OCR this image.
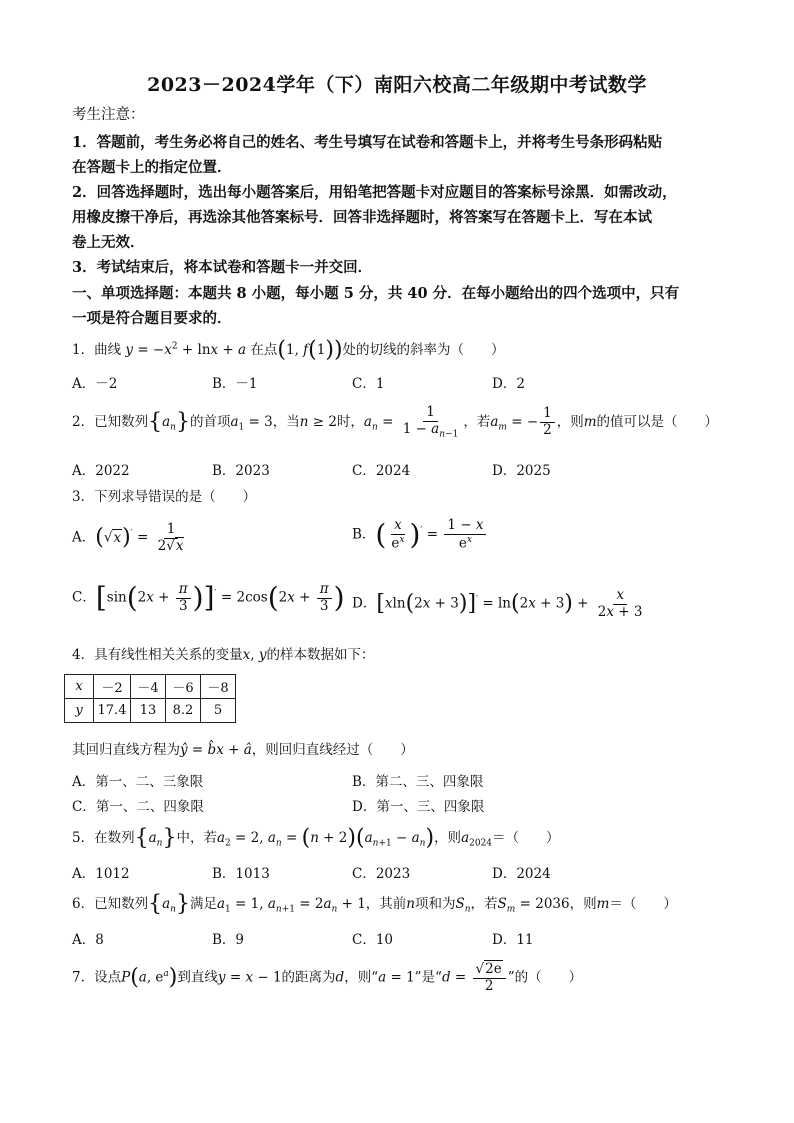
2023－2024学年（下）南阳六校高二年级期中考试数学
考生注意：
1．答题前，考生务必将自己的姓名、考生号填写在试卷和答题卡上，并将考生号条形码粘贴
在答题卡上的指定位置．
2．回答选择题时，选出每小题答案后，用铅笔把答题卡对应题目的答案标号涂黑．如需改动，
用橡皮擦干净后，再选涂其他答案标号．回答非选择题时，将答案写在答题卡上．写在本试
卷上无效．
3．考试结束后，将本试卷和答题卡一并交回．
一、单项选择题：本题共 8 小题，每小题 5 分，共 40 分．在每小题给出的四个选项中，只有
一项是符合题目要求的．
1．曲线 $y = -x^2 + \ln x + a$ 在点(1, f(1))处的切线的斜率为（　　）
A．－2	B．－1	C．1	D．2
2．已知数列$\{a_n\}$的首项$a_1 = 3$，当n ≥ 2时，$a_n = \frac{1}{1 - a_{n-1}}$ ，若$a_m$ = − $\frac{1}{2}$ ，则m的值可以是（　　）
A．2022	B．2023	C．2024	D．2025
3．下列求导错误的是（　　）
A．$(√x)' = \frac{1}{2√x}$	B．( $\frac{x}{e^x} )' = \frac{1 - x}{e^x}$
C．$[\sin(2x + \frac{\pi}{3} )]' = 2\cos(2x + \frac{\pi}{3}$ ) D．$[xln(2x + 3)]' = \ln(2x + 3) + \frac{x}{2x + 3}$
4．具有线性相关关系的变量x, y的样本数据如下：
x	－2	－4	－6	－8
y	17.4	13	8.2	5
其回归直线方程为ŷ = b̂x + â，则回归直线经过（　　）
A．第一、二、三象限	B．第二、三、四象限
C．第一、二、四象限	D．第一、三、四象限
5．在数列$\{a_n\}$中，若$a_2 = 2$, $a_n = (n + 2)(a_{n+1} - a_n)$，则$a_{2024}=$（　　）
A．1012	B．1013	C．2023	D．2024
6．已知数列$\{a_n\}$满足$a_1 = 1$, $a_{n+1} = 2a_n + 1$，其前n项和为$S_n$，若$S_m = 2036$，则m＝（　　）
A．8	B．9	C．10	D．11
7．设点P(a, $e^a$)到直线y = x − 1的距离为d，则“a = 1”是“$d = \frac{√2e}{2}$ ”的（　　）
